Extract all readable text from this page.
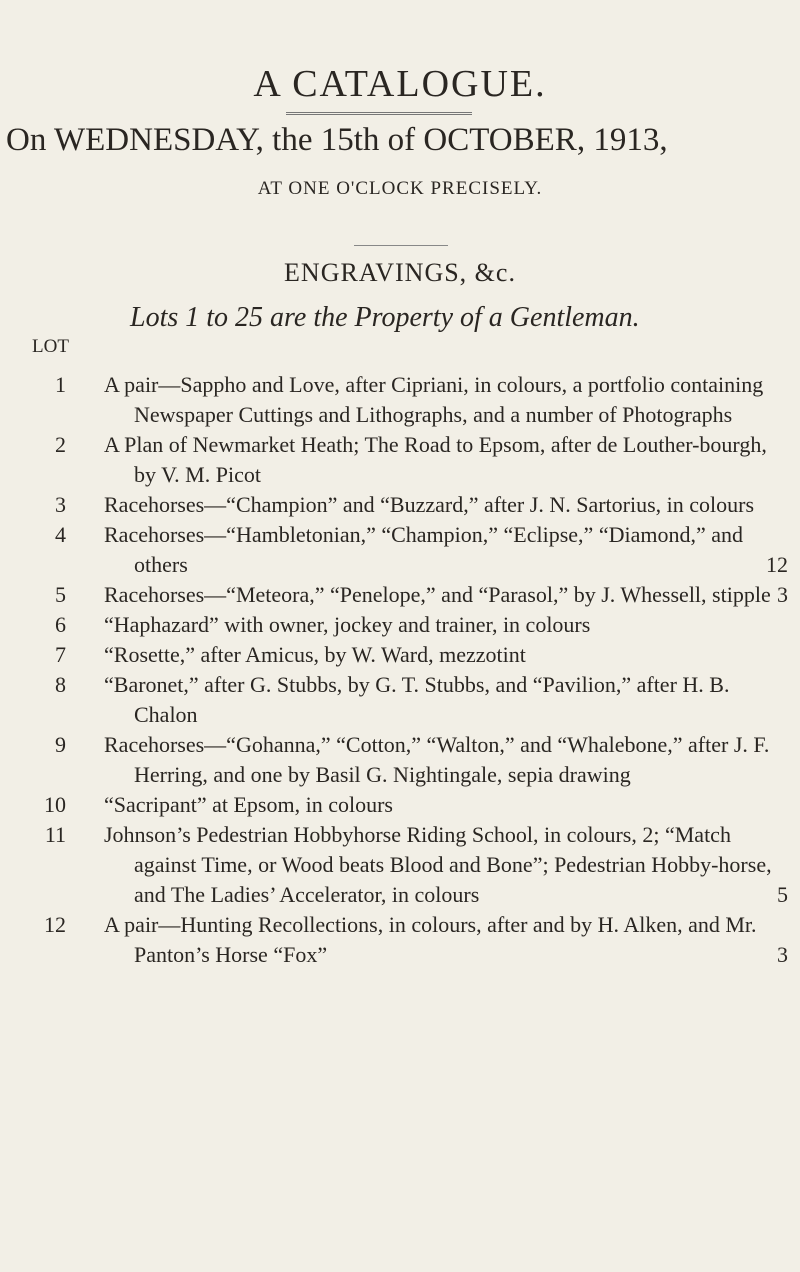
A CATALOGUE.
On WEDNESDAY, the 15th of OCTOBER, 1913,
AT ONE O'CLOCK PRECISELY.
ENGRAVINGS, &c.
Lots 1 to 25 are the Property of a Gentleman.
LOT
1 A pair—Sappho and Love, after Cipriani, in colours, a portfolio containing Newspaper Cuttings and Lithographs, and a number of Photographs
2 A Plan of Newmarket Heath; The Road to Epsom, after de Louther-bourgh, by V. M. Picot
3 Racehorses—“Champion” and “Buzzard,” after J. N. Sartorius, in colours
4 Racehorses—“Hambletonian,” “Champion,” “Eclipse,” “Diamond,” and others	12
5 Racehorses—“Meteora,” “Penelope,” and “Parasol,” by J. Whessell, stipple 3
6 “Haphazard” with owner, jockey and trainer, in colours
7 “Rosette,” after Amicus, by W. Ward, mezzotint
8 “Baronet,” after G. Stubbs, by G. T. Stubbs, and “Pavilion,” after H. B. Chalon
9 Racehorses—“Gohanna,” “Cotton,” “Walton,” and “Whalebone,” after J. F. Herring, and one by Basil G. Nightingale, sepia drawing
10 “Sacripant” at Epsom, in colours
11 Johnson’s Pedestrian Hobbyhorse Riding School, in colours, 2; “Match against Time, or Wood beats Blood and Bone”; Pedestrian Hobby-horse, and The Ladies’ Accelerator, in colours	5
12 A pair—Hunting Recollections, in colours, after and by H. Alken, and Mr. Panton’s Horse “Fox”	3
